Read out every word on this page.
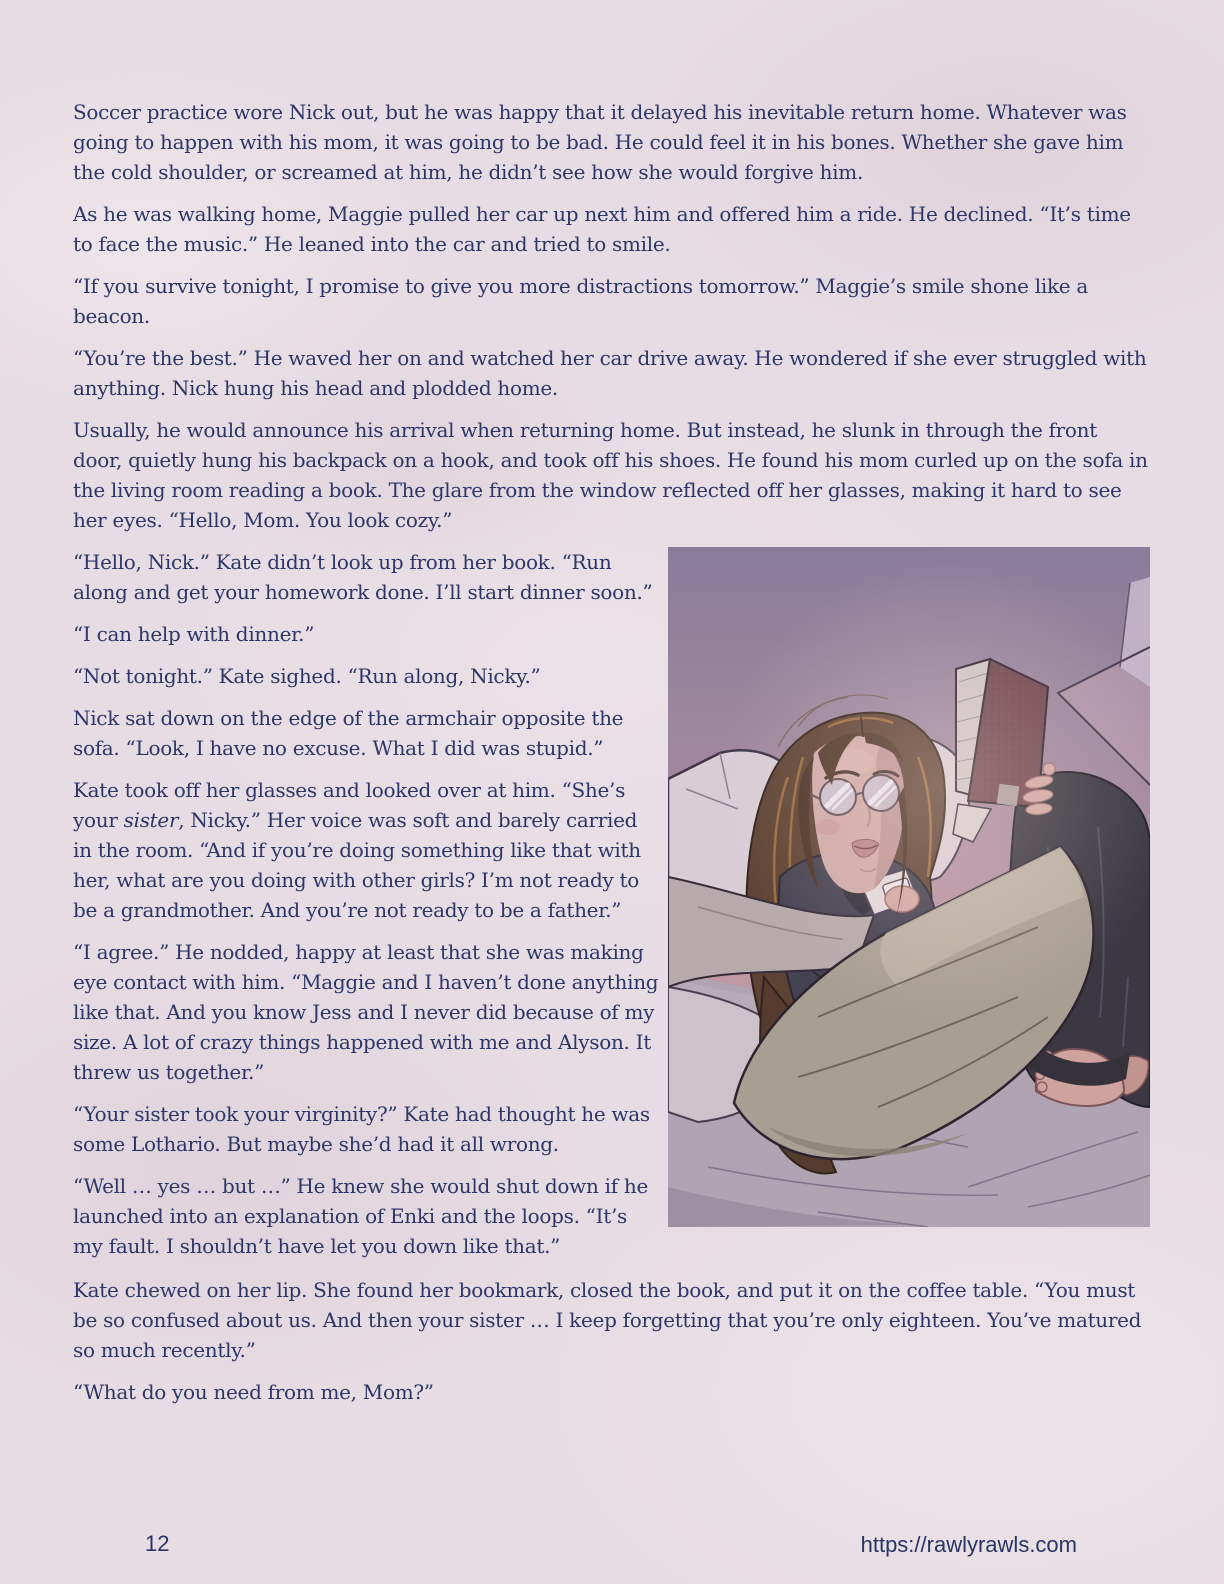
Soccer practice wore Nick out, but he was happy that it delayed his inevitable return home. Whatever was going to happen with his mom, it was going to be bad. He could feel it in his bones. Whether she gave him the cold shoulder, or screamed at him, he didn’t see how she would forgive him.

As he was walking home, Maggie pulled her car up next him and offered him a ride. He declined. “It’s time to face the music.” He leaned into the car and tried to smile.

“If you survive tonight, I promise to give you more distractions tomorrow.” Maggie’s smile shone like a beacon.

“You’re the best.” He waved her on and watched her car drive away. He wondered if she ever struggled with anything. Nick hung his head and plodded home.

Usually, he would announce his arrival when returning home. But instead, he slunk in through the front door, quietly hung his backpack on a hook, and took off his shoes. He found his mom curled up on the sofa in the living room reading a book. The glare from the window reflected off her glasses, making it hard to see her eyes. “Hello, Mom. You look cozy.”

“Hello, Nick.” Kate didn’t look up from her book. “Run along and get your homework done. I’ll start dinner soon.”

“I can help with dinner.”

“Not tonight.” Kate sighed. “Run along, Nicky.”

Nick sat down on the edge of the armchair opposite the sofa. “Look, I have no excuse. What I did was stupid.”

Kate took off her glasses and looked over at him. “She’s your sister, Nicky.” Her voice was soft and barely carried in the room. “And if you’re doing something like that with her, what are you doing with other girls? I’m not ready to be a grandmother. And you’re not ready to be a father.”

“I agree.” He nodded, happy at least that she was making eye contact with him. “Maggie and I haven’t done anything like that. And you know Jess and I never did because of my size. A lot of crazy things happened with me and Alyson. It threw us together.”

“Your sister took your virginity?” Kate had thought he was some Lothario. But maybe she’d had it all wrong.

“Well … yes … but …” He knew she would shut down if he launched into an explanation of Enki and the loops. “It’s my fault. I shouldn’t have let you down like that.”

Kate chewed on her lip. She found her bookmark, closed the book, and put it on the coffee table. “You must be so confused about us. And then your sister … I keep forgetting that you’re only eighteen. You’ve matured so much recently.”

“What do you need from me, Mom?”

12	https://rawlyrawls.com
